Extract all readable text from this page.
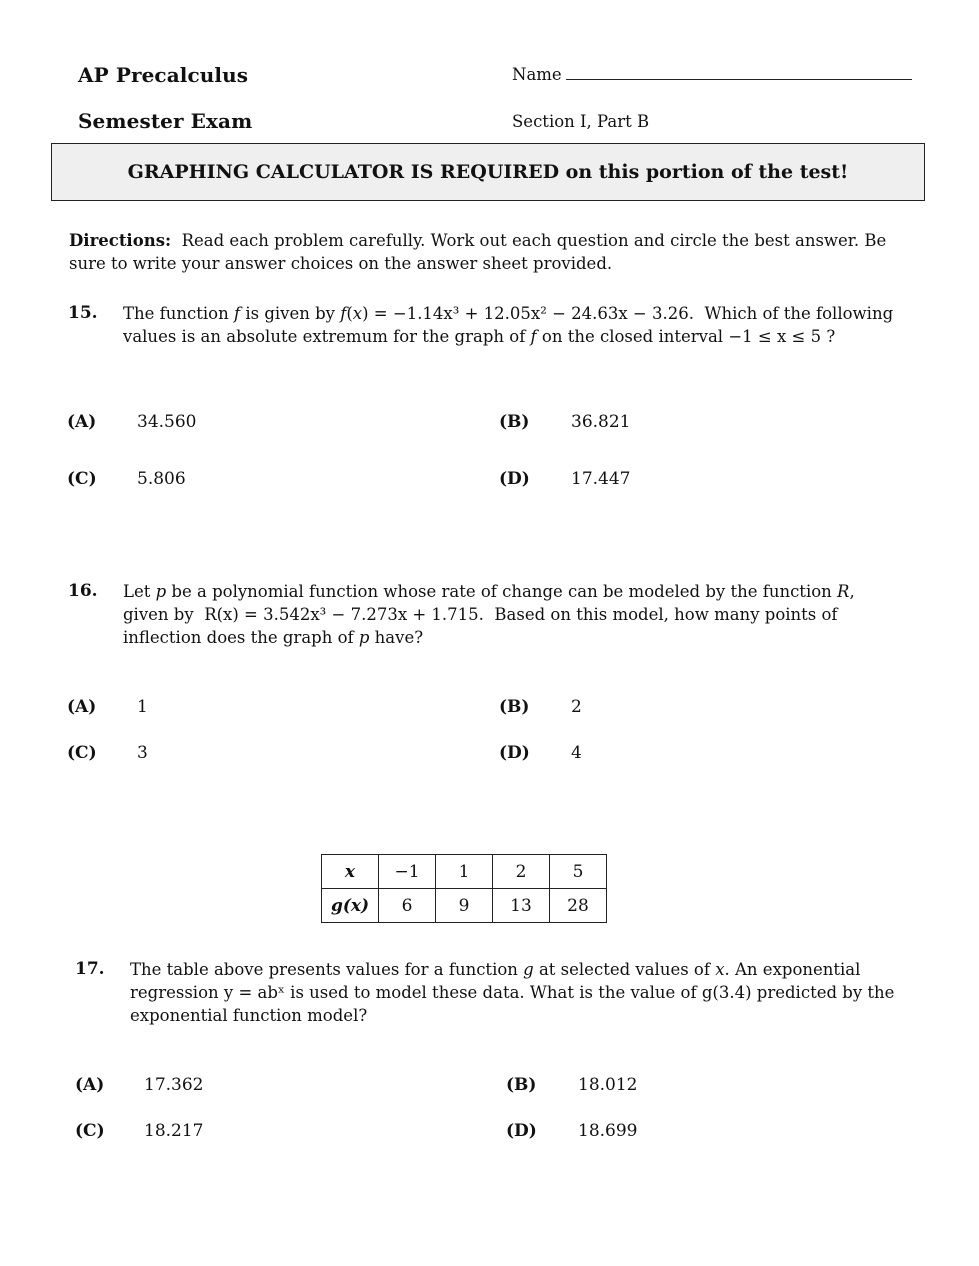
AP Precalculus
Semester Exam
Name
Section I, Part B
GRAPHING CALCULATOR IS REQUIRED on this portion of the test!
Directions: Read each problem carefully. Work out each question and circle the best answer. Be sure to write your answer choices on the answer sheet provided.
15. The function f is given by f(x) = −1.14x³ + 12.05x² − 24.63x − 3.26. Which of the following values is an absolute extremum for the graph of f on the closed interval −1 ≤ x ≤ 5 ?
(A) 34.560	(B) 36.821
(C) 5.806	(D) 17.447
16. Let p be a polynomial function whose rate of change can be modeled by the function R, given by  R(x) = 3.542x³ − 7.273x + 1.715. Based on this model, how many points of inflection does the graph of p have?
(A) 1	(B) 2
(C) 3	(D) 4
x	−1	1	2	5
g(x)	6	9	13	28
17. The table above presents values for a function g at selected values of x. An exponential regression y = abˣ is used to model these data. What is the value of g(3.4) predicted by the exponential function model?
(A) 17.362	(B) 18.012
(C) 18.217	(D) 18.699
